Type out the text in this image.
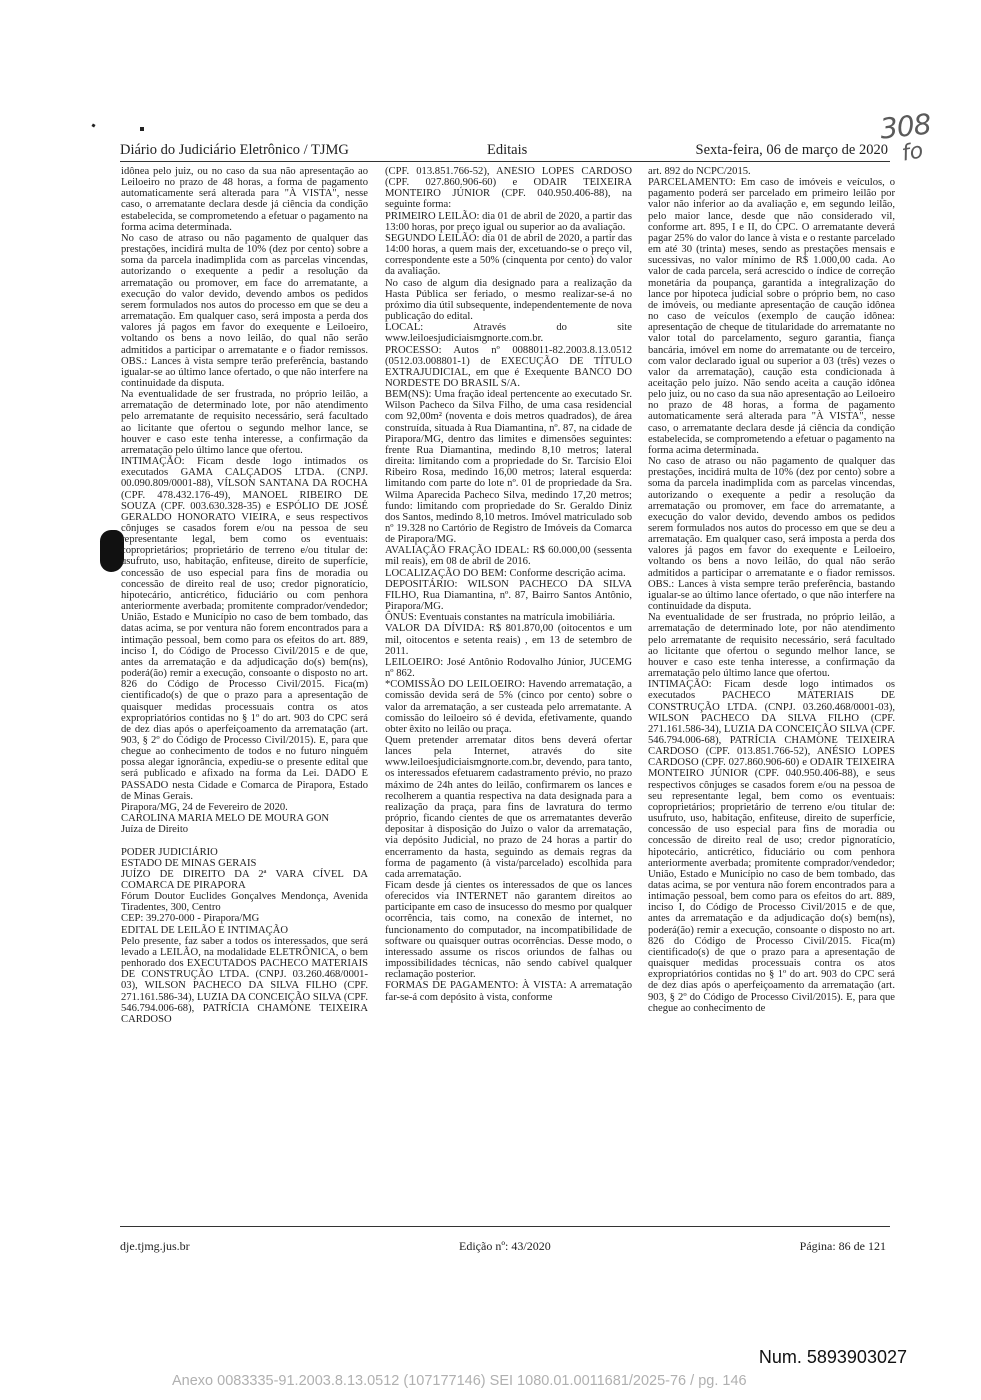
Diário do Judiciário Eletrônico / TJMG	Editais	Sexta-feira, 06 de março de 2020
308
fo

idônea pelo juiz, ou no caso da sua não apresentação ao Leiloeiro no prazo de 48 horas, a forma de pagamento automaticamente será alterada para "À VISTA", nesse caso, o arrematante declara desde já ciência da condição estabelecida, se comprometendo a efetuar o pagamento na forma acima determinada.
No caso de atraso ou não pagamento de qualquer das prestações, incidirá multa de 10% (dez por cento) sobre a soma da parcela inadimplida com as parcelas vincendas, autorizando o exequente a pedir a resolução da arrematação ou promover, em face do arrematante, a execução do valor devido, devendo ambos os pedidos serem formulados nos autos do processo em que se deu a arrematação. Em qualquer caso, será imposta a perda dos valores já pagos em favor do exequente e Leiloeiro, voltando os bens a novo leilão, do qual não serão admitidos a participar o arrematante e o fiador remissos. OBS.: Lances à vista sempre terão preferência, bastando igualar-se ao último lance ofertado, o que não interfere na continuidade da disputa.
Na eventualidade de ser frustrada, no próprio leilão, a arrematação de determinado lote, por não atendimento pelo arrematante de requisito necessário, será facultado ao licitante que ofertou o segundo melhor lance, se houver e caso este tenha interesse, a confirmação da arrematação pelo último lance que ofertou.
INTIMAÇÃO: Ficam desde logo intimados os executados GAMA CALÇADOS LTDA. (CNPJ. 00.090.809/0001-88), VÍLSON SANTANA DA ROCHA (CPF. 478.432.176-49), MANOEL RIBEIRO DE SOUZA (CPF. 003.630.328-35) e ESPÓLIO DE JOSÉ GERALDO HONORATO VIEIRA, e seus respectivos cônjuges se casados forem e/ou na pessoa de seu representante legal, bem como os eventuais: coproprietários; proprietário de terreno e/ou titular de: usufruto, uso, habitação, enfiteuse, direito de superfície, concessão de uso especial para fins de moradia ou concessão de direito real de uso; credor pignoratício, hipotecário, anticrético, fiduciário ou com penhora anteriormente averbada; promitente comprador/vendedor; União, Estado e Município no caso de bem tombado, das datas acima, se por ventura não forem encontrados para a intimação pessoal, bem como para os efeitos do art. 889, inciso I, do Código de Processo Civil/2015 e de que, antes da arrematação e da adjudicação do(s) bem(ns), poderá(ão) remir a execução, consoante o disposto no art. 826 do Código de Processo Civil/2015. Fica(m) cientificado(s) de que o prazo para a apresentação de quaisquer medidas processuais contra os atos expropriatórios contidas no § 1º do art. 903 do CPC será de dez dias após o aperfeiçoamento da arrematação (art. 903, § 2º do Código de Processo Civil/2015). E, para que chegue ao conhecimento de todos e no futuro ninguém possa alegar ignorância, expediu-se o presente edital que será publicado e afixado na forma da Lei. DADO E PASSADO nesta Cidade e Comarca de Pirapora, Estado de Minas Gerais.
Pirapora/MG, 24 de Fevereiro de 2020.
CAROLINA MARIA MELO DE MOURA GON
Juíza de Direito

PODER JUDICIÁRIO
ESTADO DE MINAS GERAIS
JUÍZO DE DIREITO DA 2ª VARA CÍVEL DA COMARCA DE PIRAPORA
Fórum Doutor Euclides Gonçalves Mendonça, Avenida Tiradentes, 300, Centro
CEP: 39.270-000 - Pirapora/MG
EDITAL DE LEILÃO E INTIMAÇÃO
Pelo presente, faz saber a todos os interessados, que será levado a LEILÃO, na modalidade ELETRÔNICA, o bem penhorado dos EXECUTADOS PACHECO MATERIAIS DE CONSTRUÇÃO LTDA. (CNPJ. 03.260.468/0001-03), WILSON PACHECO DA SILVA FILHO (CPF. 271.161.586-34), LUZIA DA CONCEIÇÃO SILVA (CPF. 546.794.006-68), PATRÍCIA CHAMONE TEIXEIRA CARDOSO

(CPF. 013.851.766-52), ANÉSIO LOPES CARDOSO (CPF. 027.860.906-60) e ODAIR TEIXEIRA MONTEIRO JÚNIOR (CPF. 040.950.406-88), na seguinte forma:
PRIMEIRO LEILÃO: dia 01 de abril de 2020, a partir das 13:00 horas, por preço igual ou superior ao da avaliação.
SEGUNDO LEILÃO: dia 01 de abril de 2020, a partir das 14:00 horas, a quem mais der, excetuando-se o preço vil, correspondente este a 50% (cinquenta por cento) do valor da avaliação.
No caso de algum dia designado para a realização da Hasta Pública ser feriado, o mesmo realizar-se-á no próximo dia útil subsequente, independentemente de nova publicação do edital.
LOCAL: Através do site www.leiloesjudiciaismgnorte.com.br.
PROCESSO: Autos nº 0088011-82.2003.8.13.0512 (0512.03.008801-1) de EXECUÇÃO DE TÍTULO EXTRAJUDICIAL, em que é Exequente BANCO DO NORDESTE DO BRASIL S/A.
BEM(NS): Uma fração ideal pertencente ao executado Sr. Wilson Pacheco da Silva Filho, de uma casa residencial com 92,00m² (noventa e dois metros quadrados), de área construída, situada à Rua Diamantina, nº. 87, na cidade de Pirapora/MG, dentro das limites e dimensões seguintes: frente Rua Diamantina, medindo 8,10 metros; lateral direita: limitando com a propriedade do Sr. Tarcísio Eloi Ribeiro Rosa, medindo 16,00 metros; lateral esquerda: limitando com parte do lote nº. 01 de propriedade da Sra. Wilma Aparecida Pacheco Silva, medindo 17,20 metros; fundo: limitando com propriedade do Sr. Geraldo Diniz dos Santos, medindo 8,10 metros. Imóvel matriculado sob nº 19.328 no Cartório de Registro de Imóveis da Comarca de Pirapora/MG.
AVALIAÇÃO FRAÇÃO IDEAL: R$ 60.000,00 (sessenta mil reais), em 08 de abril de 2016.
LOCALIZAÇÃO DO BEM: Conforme descrição acima.
DEPOSITÁRIO: WILSON PACHECO DA SILVA FILHO, Rua Diamantina, nº. 87, Bairro Santos Antônio, Pirapora/MG.
ÔNUS: Eventuais constantes na matrícula imobiliária.
VALOR DA DÍVIDA: R$ 801.870,00 (oitocentos e um mil, oitocentos e setenta reais) , em 13 de setembro de 2011.
LEILOEIRO: José Antônio Rodovalho Júnior, JUCEMG nº 862.
*COMISSÃO DO LEILOEIRO: Havendo arrematação, a comissão devida será de 5% (cinco por cento) sobre o valor da arrematação, a ser custeada pelo arrematante. A comissão do leiloeiro só é devida, efetivamente, quando obter êxito no leilão ou praça.
Quem pretender arrematar ditos bens deverá ofertar lances pela Internet, através do site www.leiloesjudiciaismgnorte.com.br, devendo, para tanto, os interessados efetuarem cadastramento prévio, no prazo máximo de 24h antes do leilão, confirmarem os lances e recolherem a quantia respectiva na data designada para a realização da praça, para fins de lavratura do termo próprio, ficando cientes de que os arrematantes deverão depositar à disposição do Juízo o valor da arrematação, via depósito Judicial, no prazo de 24 horas a partir do encerramento da hasta, seguindo as demais regras da forma de pagamento (à vista/parcelado) escolhida para cada arrematação.
Ficam desde já cientes os interessados de que os lances oferecidos via INTERNET não garantem direitos ao participante em caso de insucesso do mesmo por qualquer ocorrência, tais como, na conexão de internet, no funcionamento do computador, na incompatibilidade de software ou quaisquer outras ocorrências. Desse modo, o interessado assume os riscos oriundos de falhas ou impossibilidades técnicas, não sendo cabível qualquer reclamação posterior.
FORMAS DE PAGAMENTO: À VISTA: A arrematação far-se-á com depósito à vista, conforme

art. 892 do NCPC/2015.
PARCELAMENTO: Em caso de imóveis e veículos, o pagamento poderá ser parcelado em primeiro leilão por valor não inferior ao da avaliação e, em segundo leilão, pelo maior lance, desde que não considerado vil, conforme art. 895, I e II, do CPC. O arrematante deverá pagar 25% do valor do lance à vista e o restante parcelado em até 30 (trinta) meses, sendo as prestações mensais e sucessivas, no valor mínimo de R$ 1.000,00 cada. Ao valor de cada parcela, será acrescido o índice de correção monetária da poupança, garantida a integralização do lance por hipoteca judicial sobre o próprio bem, no caso de imóveis, ou mediante apresentação de caução idônea no caso de veículos (exemplo de caução idônea: apresentação de cheque de titularidade do arrematante no valor total do parcelamento, seguro garantia, fiança bancária, imóvel em nome do arrematante ou de terceiro, com valor declarado igual ou superior a 03 (três) vezes o valor da arrematação), caução esta condicionada à aceitação pelo juízo. Não sendo aceita a caução idônea pelo juiz, ou no caso da sua não apresentação ao Leiloeiro no prazo de 48 horas, a forma de pagamento automaticamente será alterada para "À VISTA", nesse caso, o arrematante declara desde já ciência da condição estabelecida, se comprometendo a efetuar o pagamento na forma acima determinada.
No caso de atraso ou não pagamento de qualquer das prestações, incidirá multa de 10% (dez por cento) sobre a soma da parcela inadimplida com as parcelas vincendas, autorizando o exequente a pedir a resolução da arrematação ou promover, em face do arrematante, a execução do valor devido, devendo ambos os pedidos serem formulados nos autos do processo em que se deu a arrematação. Em qualquer caso, será imposta a perda dos valores já pagos em favor do exequente e Leiloeiro, voltando os bens a novo leilão, do qual não serão admitidos a participar o arrematante e o fiador remissos. OBS.: Lances à vista sempre terão preferência, bastando igualar-se ao último lance ofertado, o que não interfere na continuidade da disputa.
Na eventualidade de ser frustrada, no próprio leilão, a arrematação de determinado lote, por não atendimento pelo arrematante de requisito necessário, será facultado ao licitante que ofertou o segundo melhor lance, se houver e caso este tenha interesse, a confirmação da arrematação pelo último lance que ofertou.
INTIMAÇÃO: Ficam desde logo intimados os executados PACHECO MATERIAIS DE CONSTRUÇÃO LTDA. (CNPJ. 03.260.468/0001-03), WILSON PACHECO DA SILVA FILHO (CPF. 271.161.586-34), LUZIA DA CONCEIÇÃO SILVA (CPF. 546.794.006-68), PATRÍCIA CHAMONE TEIXEIRA CARDOSO (CPF. 013.851.766-52), ANÉSIO LOPES CARDOSO (CPF. 027.860.906-60) e ODAIR TEIXEIRA MONTEIRO JÚNIOR (CPF. 040.950.406-88), e seus respectivos cônjuges se casados forem e/ou na pessoa de seu representante legal, bem como os eventuais: coproprietários; proprietário de terreno e/ou titular de: usufruto, uso, habitação, enfiteuse, direito de superfície, concessão de uso especial para fins de moradia ou concessão de direito real de uso; credor pignoratício, hipotecário, anticrético, fiduciário ou com penhora anteriormente averbada; promitente comprador/vendedor; União, Estado e Município no caso de bem tombado, das datas acima, se por ventura não forem encontrados para a intimação pessoal, bem como para os efeitos do art. 889, inciso I, do Código de Processo Civil/2015 e de que, antes da arrematação e da adjudicação do(s) bem(ns), poderá(ão) remir a execução, consoante o disposto no art. 826 do Código de Processo Civil/2015. Fica(m) cientificado(s) de que o prazo para a apresentação de quaisquer medidas processuais contra os atos expropriatórios contidas no § 1º do art. 903 do CPC será de dez dias após o aperfeiçoamento da arrematação (art. 903, § 2º do Código de Processo Civil/2015). E, para que chegue ao conhecimento de

dje.tjmg.jus.br	Edição nº: 43/2020	Página: 86 de 121
Num. 5893903027
Anexo 0083335-91.2003.8.13.0512 (107177146) SEI 1080.01.0011681/2025-76 / pg. 146
